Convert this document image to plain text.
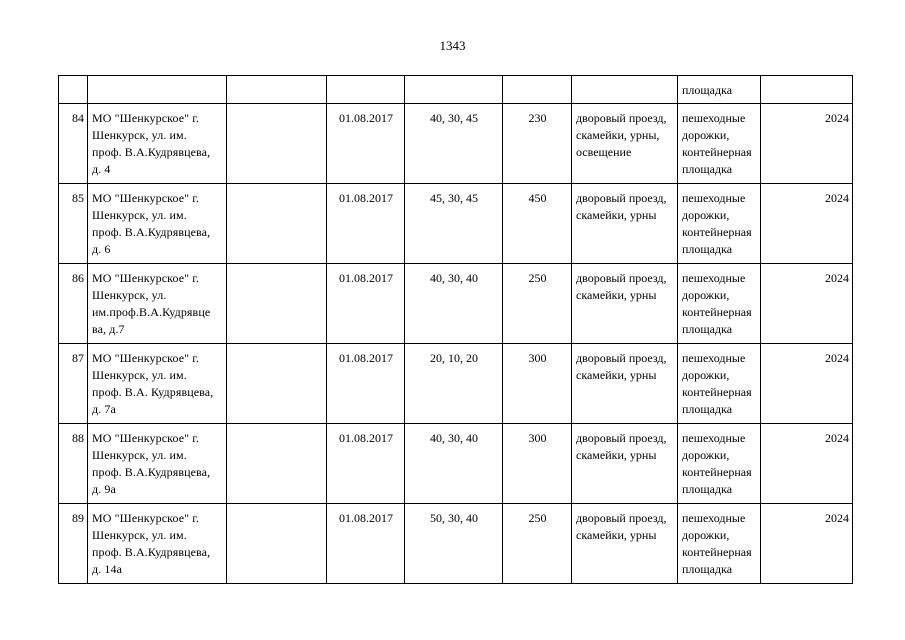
1343
							площадка	
84	МО "Шенкурское" г.
Шенкурск, ул. им.
проф. В.А.Кудрявцева,
д. 4		01.08.2017	40, 30, 45	230	дворовый проезд,
скамейки, урны,
освещение	пешеходные
дорожки,
контейнерная
площадка	2024
85	МО "Шенкурское" г.
Шенкурск, ул. им.
проф. В.А.Кудрявцева,
д. 6		01.08.2017	45, 30, 45	450	дворовый проезд,
скамейки, урны	пешеходные
дорожки,
контейнерная
площадка	2024
86	МО "Шенкурское" г.
Шенкурск, ул.
им.проф.В.А.Кудрявце
ва, д.7		01.08.2017	40, 30, 40	250	дворовый проезд,
скамейки, урны	пешеходные
дорожки,
контейнерная
площадка	2024
87	МО "Шенкурское" г.
Шенкурск, ул. им.
проф. В.А. Кудрявцева,
д. 7а		01.08.2017	20, 10, 20	300	дворовый проезд,
скамейки, урны	пешеходные
дорожки,
контейнерная
площадка	2024
88	МО "Шенкурское" г.
Шенкурск, ул. им.
проф. В.А.Кудрявцева,
д. 9а		01.08.2017	40, 30, 40	300	дворовый проезд,
скамейки, урны	пешеходные
дорожки,
контейнерная
площадка	2024
89	МО "Шенкурское" г.
Шенкурск, ул. им.
проф. В.А.Кудрявцева,
д. 14а		01.08.2017	50, 30, 40	250	дворовый проезд,
скамейки, урны	пешеходные
дорожки,
контейнерная
площадка	2024
